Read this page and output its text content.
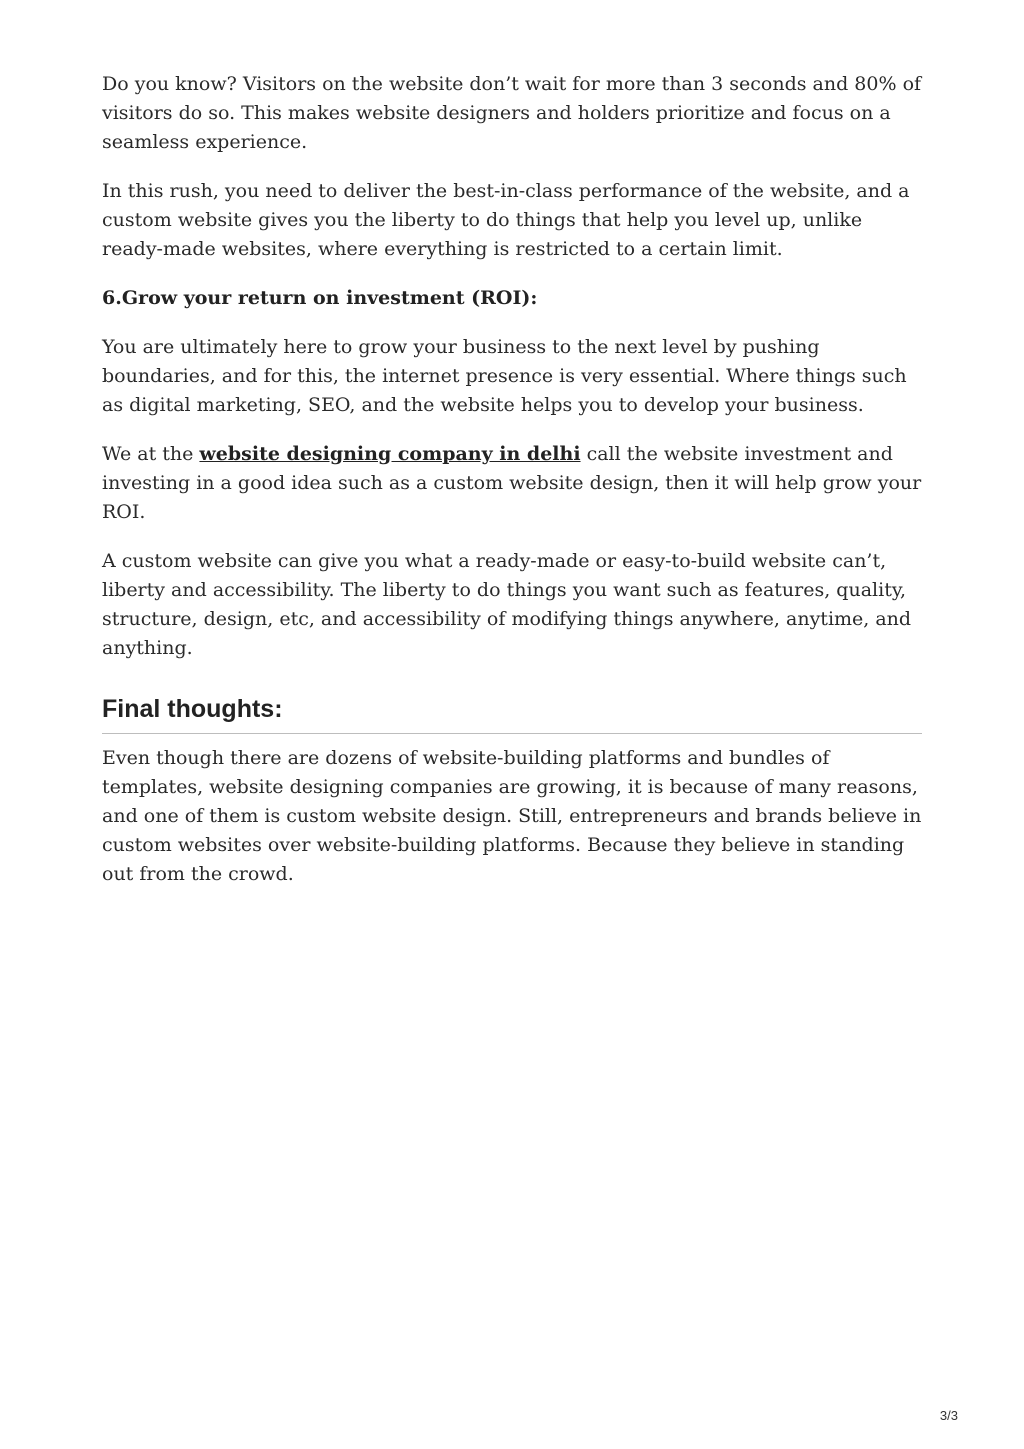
Do you know? Visitors on the website don’t wait for more than 3 seconds and 80% of visitors do so. This makes website designers and holders prioritize and focus on a seamless experience.

In this rush, you need to deliver the best-in-class performance of the website, and a custom website gives you the liberty to do things that help you level up, unlike ready-made websites, where everything is restricted to a certain limit.

6.Grow your return on investment (ROI):

You are ultimately here to grow your business to the next level by pushing boundaries, and for this, the internet presence is very essential. Where things such as digital marketing, SEO, and the website helps you to develop your business.

We at the website designing company in delhi call the website investment and investing in a good idea such as a custom website design, then it will help grow your ROI.

A custom website can give you what a ready-made or easy-to-build website can’t, liberty and accessibility. The liberty to do things you want such as features, quality, structure, design, etc, and accessibility of modifying things anywhere, anytime, and anything.

Final thoughts:

Even though there are dozens of website-building platforms and bundles of templates, website designing companies are growing, it is because of many reasons, and one of them is custom website design. Still, entrepreneurs and brands believe in custom websites over website-building platforms. Because they believe in standing out from the crowd.

3/3
